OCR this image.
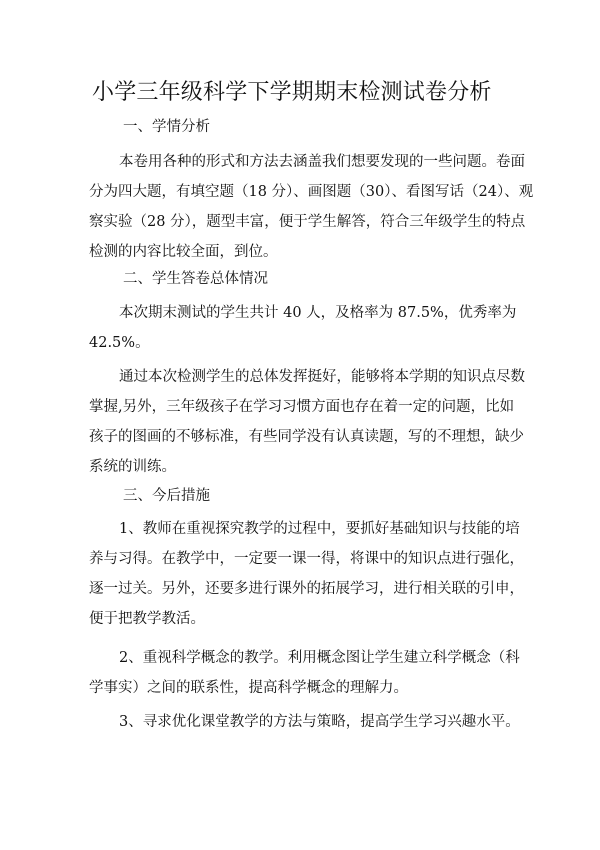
小学三年级科学下学期期末检测试卷分析
一、学情分析
本卷用各种的形式和方法去涵盖我们想要发现的一些问题。卷面
分为四大题，有填空题（18 分）、画图题（30）、看图写话（24）、观
察实验（28 分），题型丰富，便于学生解答，符合三年级学生的特点
检测的内容比较全面，到位。
二、学生答卷总体情况
本次期末测试的学生共计 40 人，及格率为 87.5%，优秀率为
42.5%。
通过本次检测学生的总体发挥挺好，能够将本学期的知识点尽数
掌握,另外，三年级孩子在学习习惯方面也存在着一定的问题，比如
孩子的图画的不够标准，有些同学没有认真读题，写的不理想，缺少
系统的训练。
三、今后措施
1、教师在重视探究教学的过程中，要抓好基础知识与技能的培
养与习得。在教学中，一定要一课一得，将课中的知识点进行强化，
逐一过关。另外，还要多进行课外的拓展学习，进行相关联的引申，
便于把教学教活。
2、重视科学概念的教学。利用概念图让学生建立科学概念（科
学事实）之间的联系性，提高科学概念的理解力。
3、寻求优化课堂教学的方法与策略，提高学生学习兴趣水平。
